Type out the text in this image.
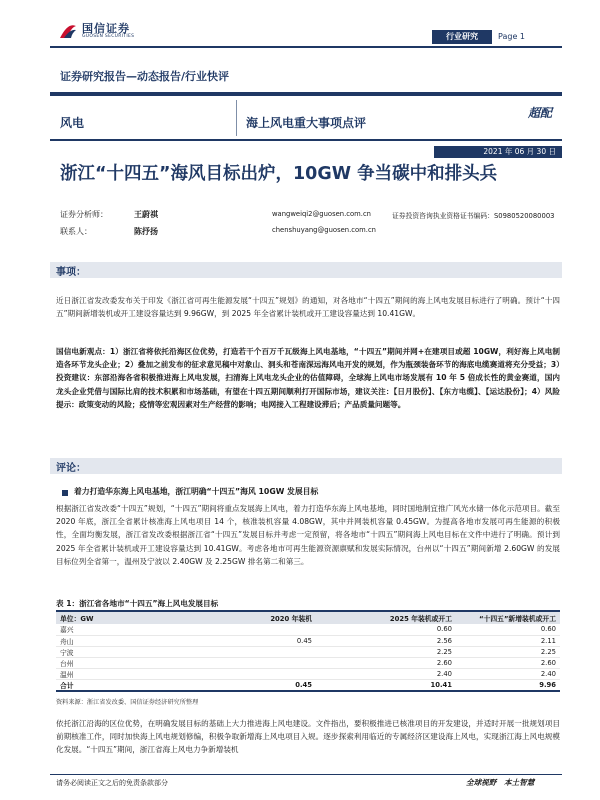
国信证券
GUOSEN SECURITIES	行业研究	Page 1
证券研究报告—动态报告/行业快评
风电	海上风电重大事项点评
超配
2021 年 06 月 30 日
浙江“十四五”海风目标出炉，10GW 争当碳中和排头兵
证券分析师：	王蔚祺	wangweiqi2@guosen.com.cn	证券投资咨询执业资格证书编码：S0980520080003
联系人：	陈抒扬	chenshuyang@guosen.com.cn
事项：
近日浙江省发改委发布关于印发《浙江省可再生能源发展“十四五”规划》的通知，对各地市“十四五”期间的海上风电发展目标进行了明确。预计“十四五”期间新增装机或开工建设容量达到 9.96GW，到 2025 年全省累计装机或开工建设容量达到 10.41GW。
国信电新观点：1）浙江省将依托沿海区位优势，打造若干个百万千瓦级海上风电基地，“十四五”期间并网+在建项目或超 10GW，利好海上风电制造各环节龙头企业；2）叠加之前发布的征求意见稿中对象山、洞头和苍南深远海风电开发的规划，作为瓶颈装备环节的海底电缆赛道将充分受益；3）投资建议：东部沿海各省积极推进海上风电发展，扫清海上风电龙头企业的估值障碍，全球海上风电市场发展有 10 年 5 倍成长性的黄金赛道，国内龙头企业凭借与国际比肩的技术积累和市场基础，有望在十四五期间顺利打开国际市场，建议关注：【日月股份】、【东方电缆】、【运达股份】；4）风险提示：政策变动的风险；疫情等宏观因素对生产经营的影响；电网接入工程建设滞后；产品质量问题等。
评论：
着力打造华东海上风电基地，浙江明确“十四五”海风 10GW 发展目标
根据浙江省发改委“十四五”规划，“十四五”期间将重点发展海上风电，着力打造华东海上风电基地，同时国地制宜推广风光水储一体化示范项目。截至 2020 年底，浙江全省累计核准海上风电项目 14 个，核准装机容量 4.08GW，其中并网装机容量 0.45GW。为提高各地市发展可再生能源的积极性，全面均衡发展，浙江省发改委根据浙江省“十四五”发展目标并考虑一定预留，将各地市“十四五”期间海上风电目标在文件中进行了明确。预计到 2025 年全省累计装机或开工建设容量达到 10.41GW。考虑各地市可再生能源资源禀赋和发展实际情况，台州以“十四五”期间新增 2.60GW 的发展目标位列全省第一，温州及宁波以 2.40GW 及 2.25GW 排名第二和第三。
表 1：浙江省各地市“十四五”海上风电发展目标
单位：GW	2020 年装机	2025 年装机或开工	“十四五”新增装机或开工
嘉兴		0.60	0.60
舟山	0.45	2.56	2.11
宁波		2.25	2.25
台州		2.60	2.60
温州		2.40	2.40
合计	0.45	10.41	9.96
资料来源：浙江省发改委、国信证券经济研究所整理
依托浙江沿海的区位优势，在明确发展目标的基础上大力推进海上风电建设。文件指出，要积极推进已核准项目的开发建设，并适时开展一批规划项目前期核准工作，同时加快海上风电规划修编，积极争取新增海上风电项目入规。逐步探索利用临近的专属经济区建设海上风电，实现浙江海上风电规模化发展。“十四五”期间，浙江省海上风电力争新增装机
请务必阅读正文之后的免责条款部分	全球视野　本土智慧
